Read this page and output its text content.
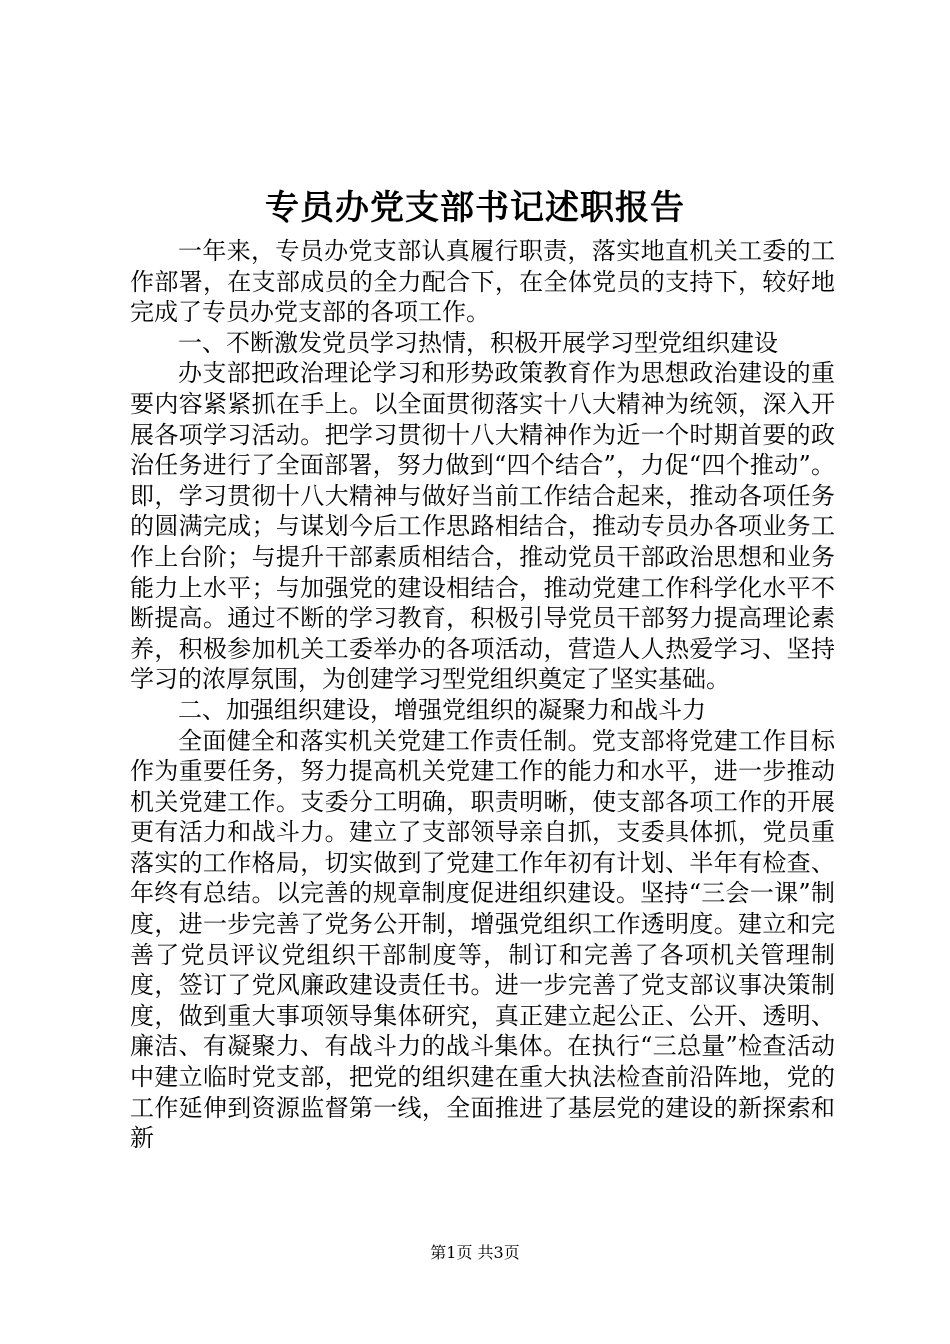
专员办党支部书记述职报告

一年来，专员办党支部认真履行职责，落实地直机关工委的工作部署，在支部成员的全力配合下，在全体党员的支持下，较好地完成了专员办党支部的各项工作。

一、不断激发党员学习热情，积极开展学习型党组织建设

办支部把政治理论学习和形势政策教育作为思想政治建设的重要内容紧紧抓在手上。以全面贯彻落实十八大精神为统领，深入开展各项学习活动。把学习贯彻十八大精神作为近一个时期首要的政治任务进行了全面部署，努力做到“四个结合”，力促“四个推动”。即，学习贯彻十八大精神与做好当前工作结合起来，推动各项任务的圆满完成；与谋划今后工作思路相结合，推动专员办各项业务工作上台阶；与提升干部素质相结合，推动党员干部政治思想和业务能力上水平；与加强党的建设相结合，推动党建工作科学化水平不断提高。通过不断的学习教育，积极引导党员干部努力提高理论素养，积极参加机关工委举办的各项活动，营造人人热爱学习、坚持学习的浓厚氛围，为创建学习型党组织奠定了坚实基础。

二、加强组织建设，增强党组织的凝聚力和战斗力

全面健全和落实机关党建工作责任制。党支部将党建工作目标作为重要任务，努力提高机关党建工作的能力和水平，进一步推动机关党建工作。支委分工明确，职责明晰，使支部各项工作的开展更有活力和战斗力。建立了支部领导亲自抓，支委具体抓，党员重落实的工作格局，切实做到了党建工作年初有计划、半年有检查、年终有总结。以完善的规章制度促进组织建设。坚持“三会一课”制度，进一步完善了党务公开制，增强党组织工作透明度。建立和完善了党员评议党组织干部制度等，制订和完善了各项机关管理制度，签订了党风廉政建设责任书。进一步完善了党支部议事决策制度，做到重大事项领导集体研究，真正建立起公正、公开、透明、廉洁、有凝聚力、有战斗力的战斗集体。在执行“三总量”检查活动中建立临时党支部，把党的组织建在重大执法检查前沿阵地，党的工作延伸到资源监督第一线，全面推进了基层党的建设的新探索和新

第1页 共3页
